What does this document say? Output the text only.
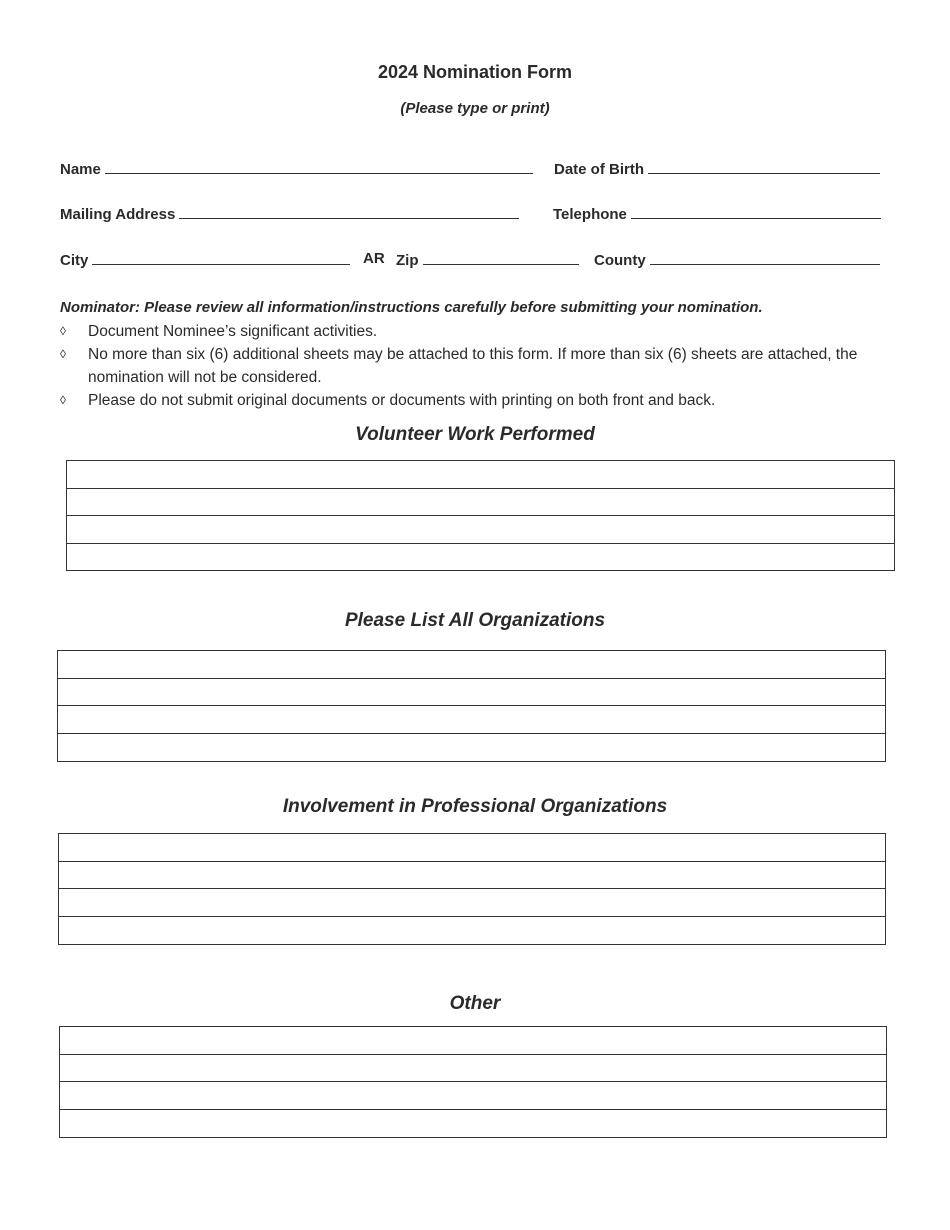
2024 Nomination Form
(Please type or print)
Name	Date of Birth
Mailing Address	Telephone
City	AR Zip	County
Nominator: Please review all information/instructions carefully before submitting your nomination.
◊ Document Nominee’s significant activities.
◊ No more than six (6) additional sheets may be attached to this form. If more than six (6) sheets are attached, the nomination will not be considered.
◊ Please do not submit original documents or documents with printing on both front and back.
Volunteer Work Performed
Please List All Organizations
Involvement in Professional Organizations
Other
